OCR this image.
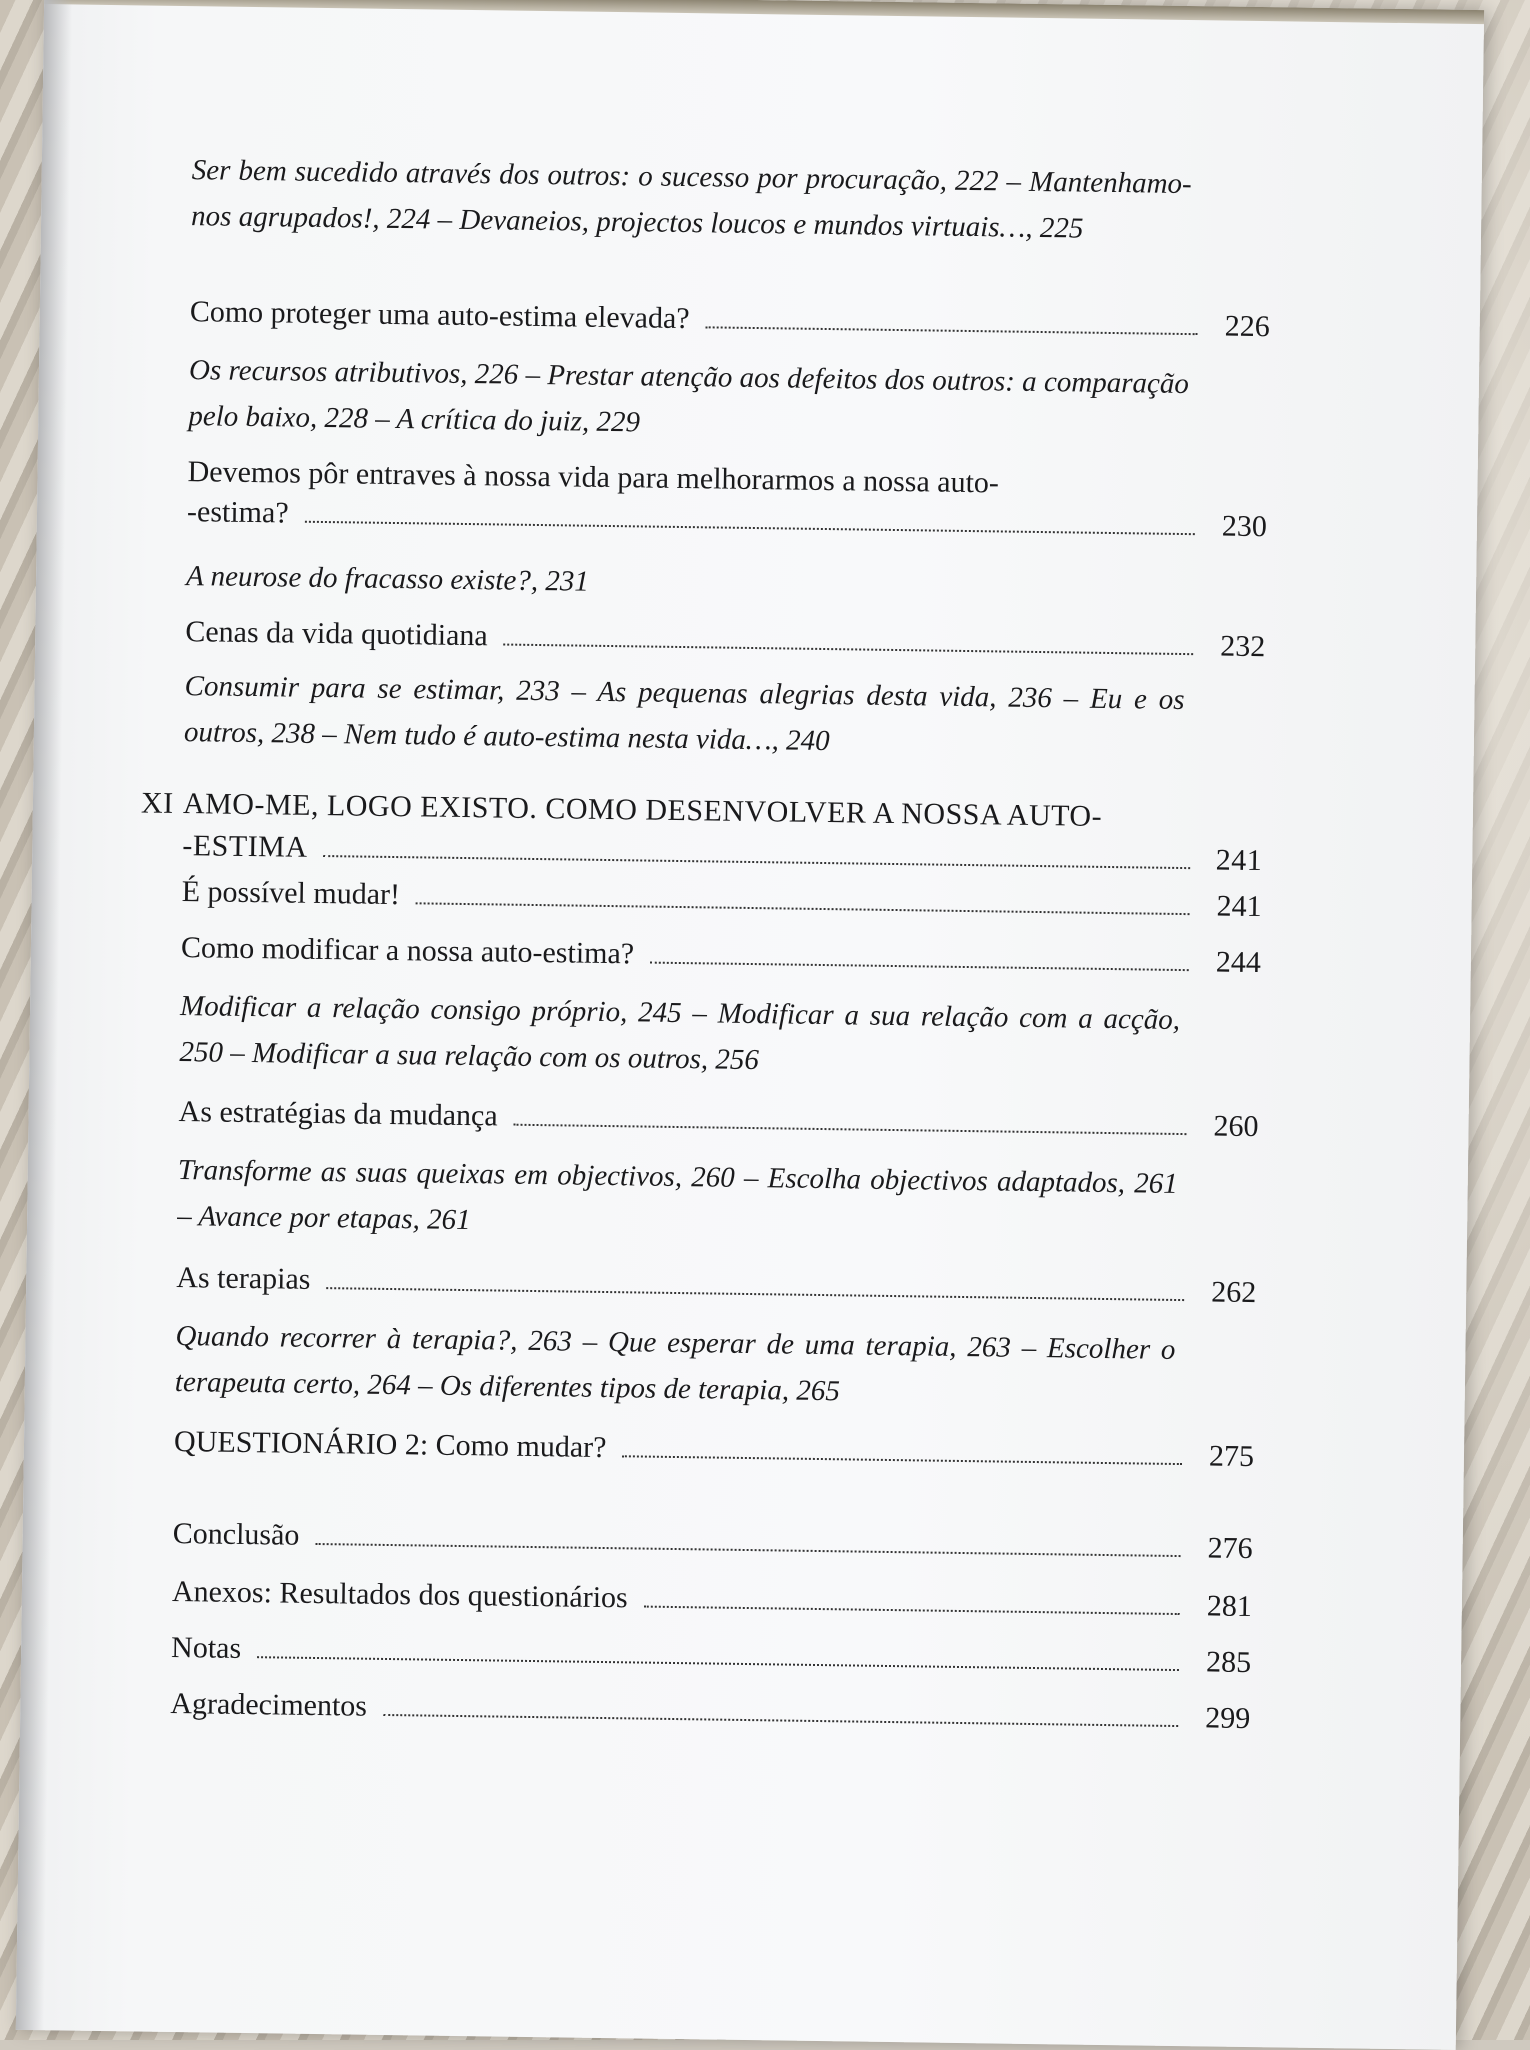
Ser bem sucedido através dos outros: o sucesso por procuração, 222 – Mantenhamo-nos agrupados!, 224 – Devaneios, projectos loucos e mundos virtuais…, 225
Como proteger uma auto-estima elevada?	226
Os recursos atributivos, 226 – Prestar atenção aos defeitos dos outros: a comparação pelo baixo, 228 – A crítica do juiz, 229
Devemos pôr entraves à nossa vida para melhorarmos a nossa auto-
-estima?	230
A neurose do fracasso existe?, 231
Cenas da vida quotidiana	232
Consumir para se estimar, 233 – As pequenas alegrias desta vida, 236 – Eu e os outros, 238 – Nem tudo é auto-estima nesta vida…, 240
XI AMO-ME, LOGO EXISTO. COMO DESENVOLVER A NOSSA AUTO-
-ESTIMA	241
É possível mudar!	241
Como modificar a nossa auto-estima?	244
Modificar a relação consigo próprio, 245 – Modificar a sua relação com a acção, 250 – Modificar a sua relação com os outros, 256
As estratégias da mudança	260
Transforme as suas queixas em objectivos, 260 – Escolha objectivos adaptados, 261 – Avance por etapas, 261
As terapias	262
Quando recorrer à terapia?, 263 – Que esperar de uma terapia, 263 – Escolher o terapeuta certo, 264 – Os diferentes tipos de terapia, 265
QUESTIONÁRIO 2: Como mudar?	275
Conclusão	276
Anexos: Resultados dos questionários	281
Notas	285
Agradecimentos	299
